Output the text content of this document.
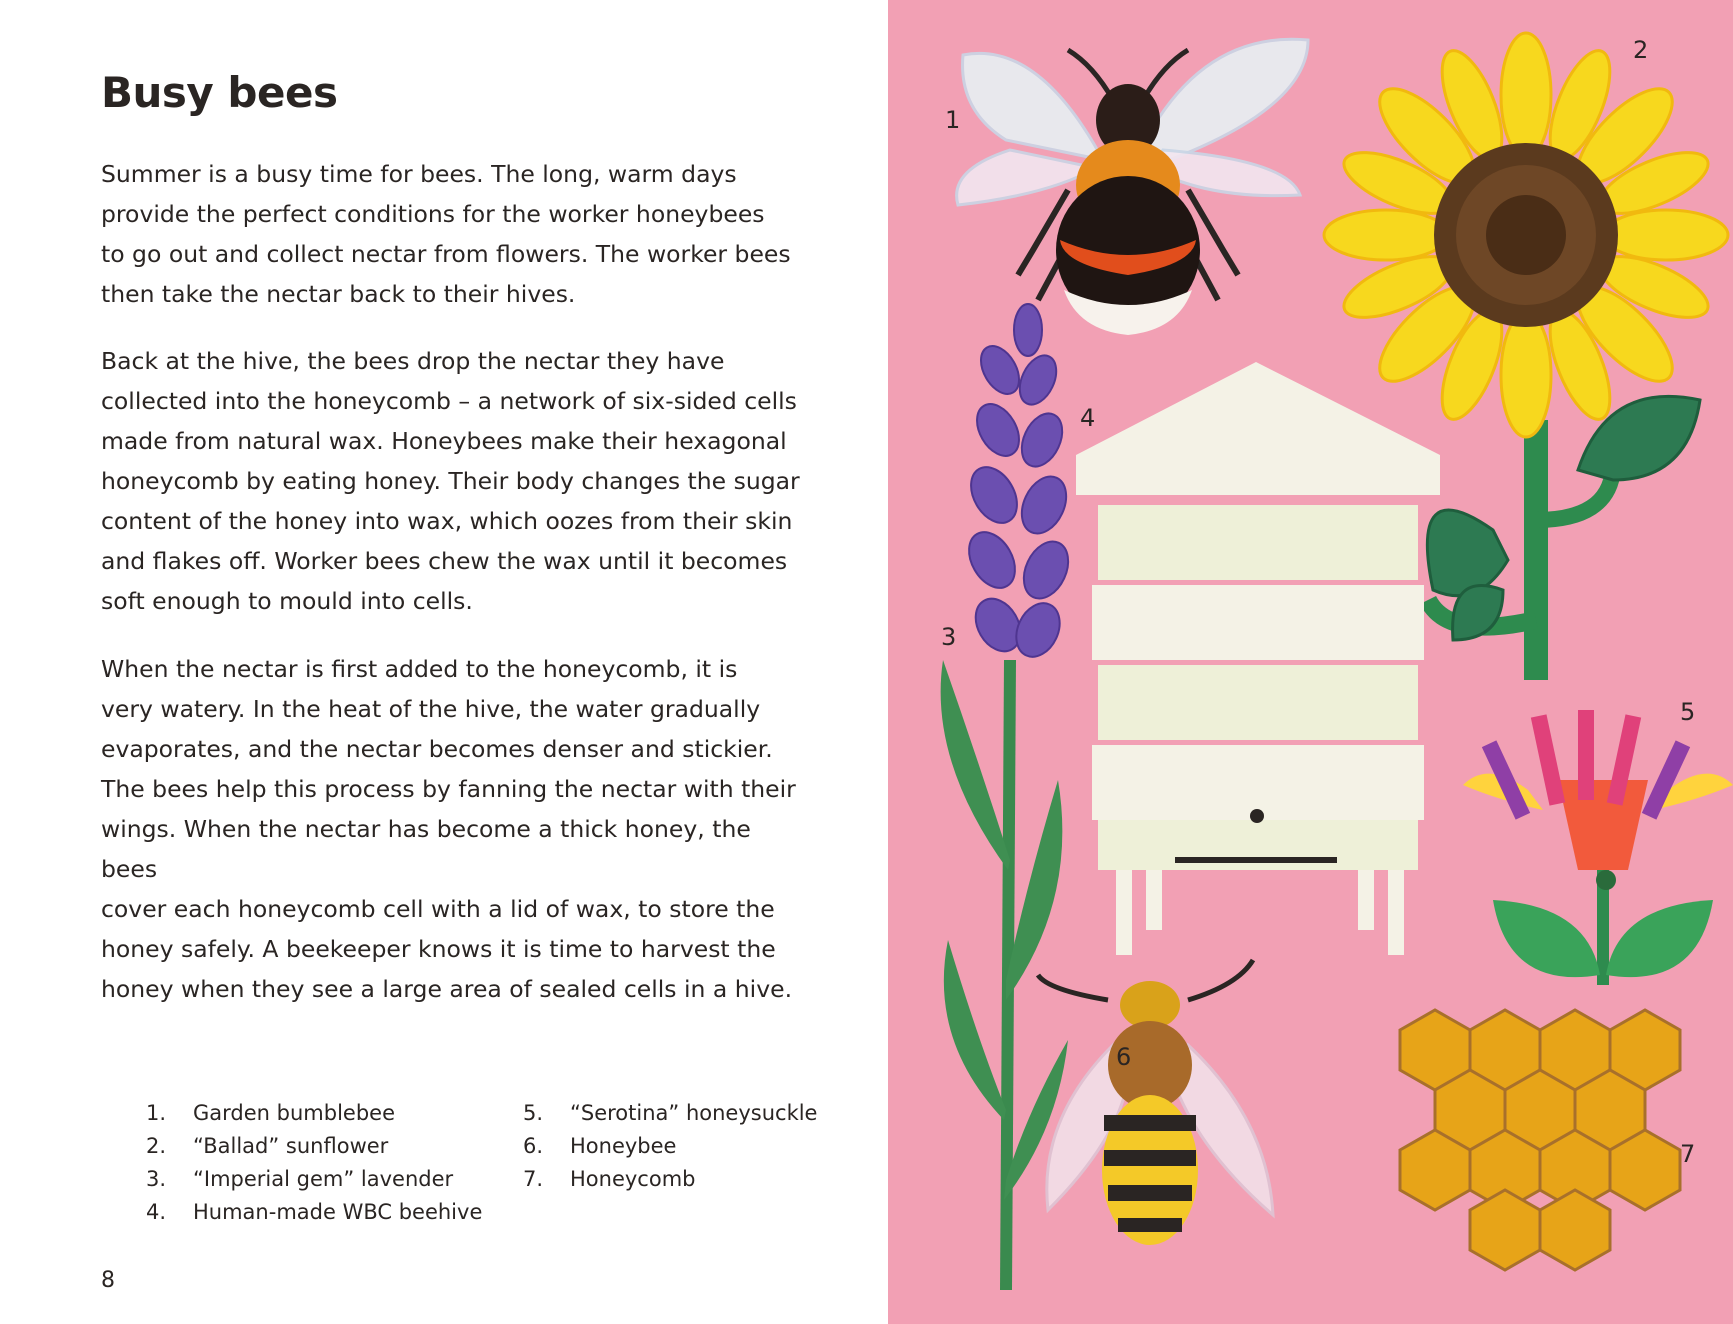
Busy bees

Summer is a busy time for bees. The long, warm days
provide the perfect conditions for the worker honeybees
to go out and collect nectar from flowers. The worker bees
then take the nectar back to their hives.

Back at the hive, the bees drop the nectar they have
collected into the honeycomb – a network of six-sided cells
made from natural wax. Honeybees make their hexagonal
honeycomb by eating honey. Their body changes the sugar
content of the honey into wax, which oozes from their skin
and flakes off. Worker bees chew the wax until it becomes
soft enough to mould into cells.

When the nectar is first added to the honeycomb, it is
very watery. In the heat of the hive, the water gradually
evaporates, and the nectar becomes denser and stickier.
The bees help this process by fanning the nectar with their
wings. When the nectar has become a thick honey, the bees
cover each honeycomb cell with a lid of wax, to store the
honey safely. A beekeeper knows it is time to harvest the
honey when they see a large area of sealed cells in a hive.

1.	Garden bumblebee
2.	“Ballad” sunflower
3.	“Imperial gem” lavender
4.	Human-made WBC beehive
5.	“Serotina” honeysuckle
6.	Honeybee
7.	Honeycomb

8

1
2
3
4
5
6
7
